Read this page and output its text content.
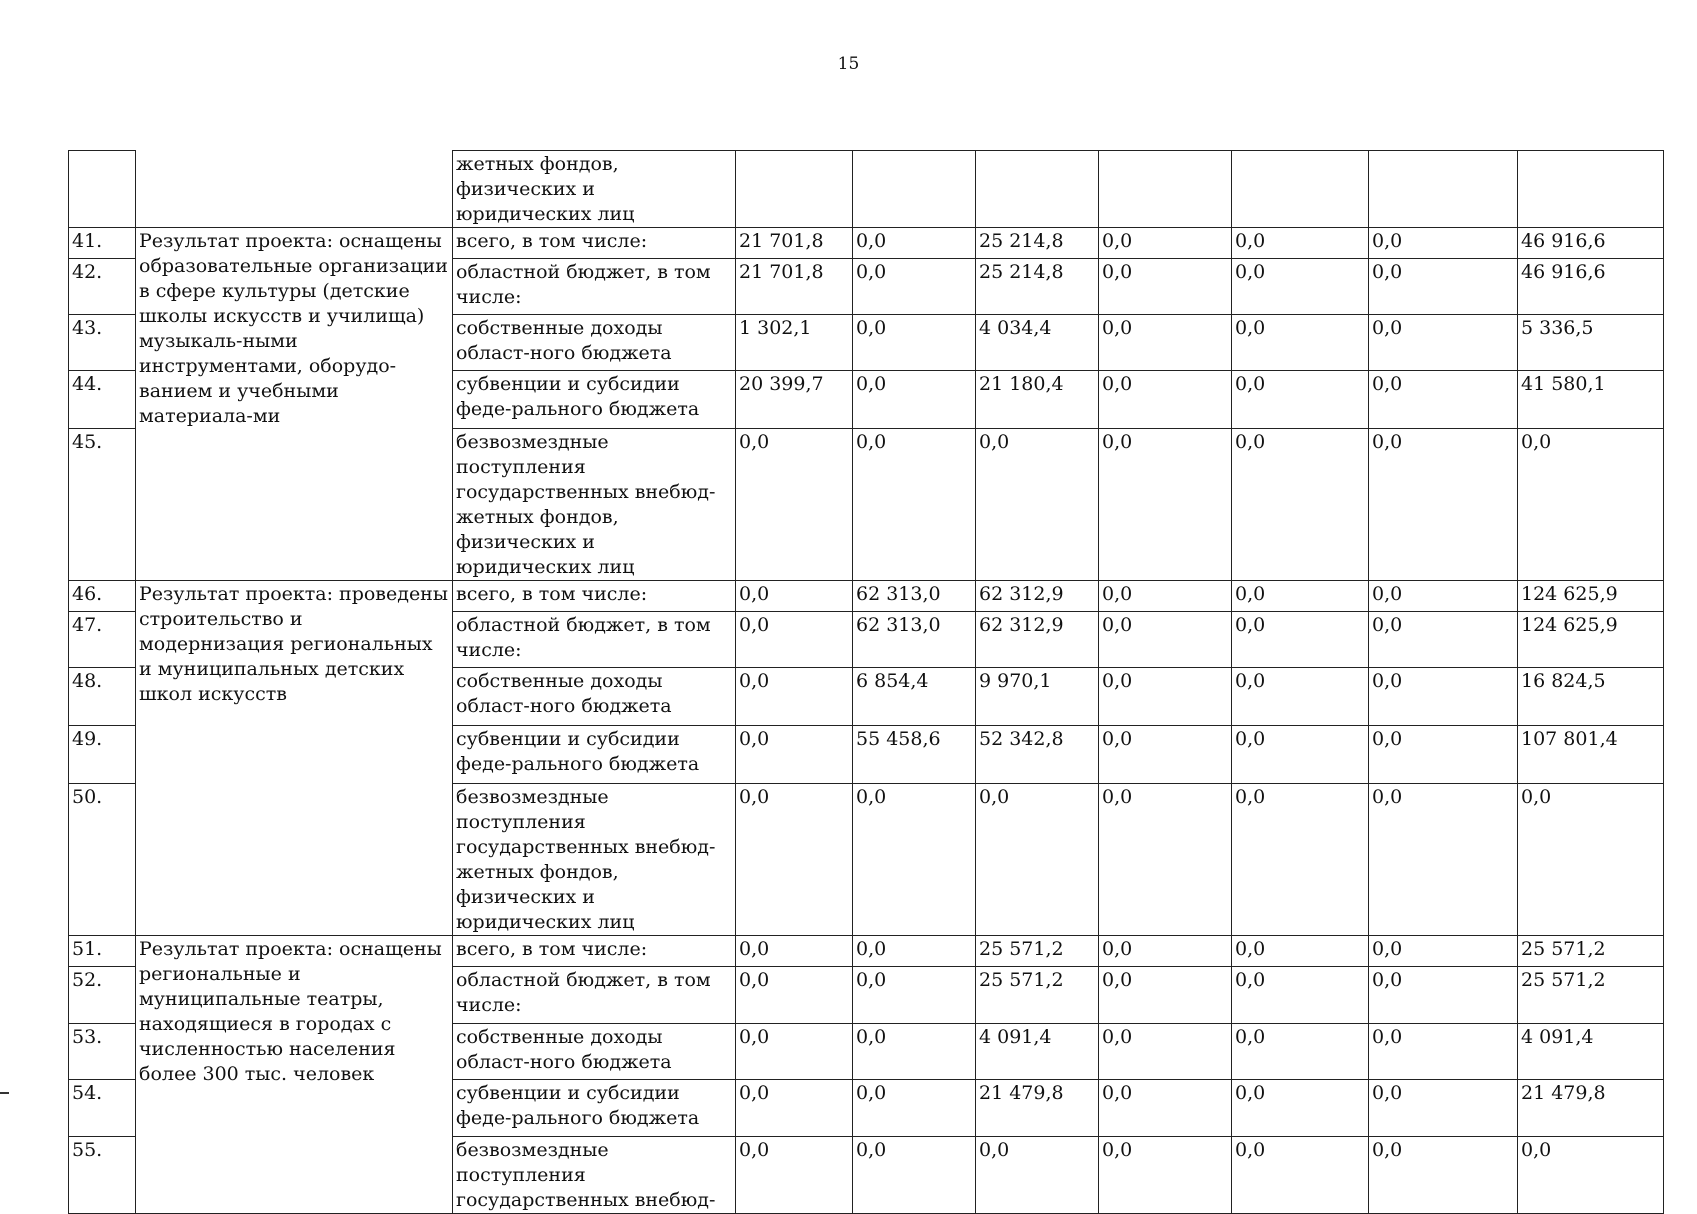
15
		жетных фондов, физических и юридических лиц							
41.	Результат проекта: оснащены образовательные организации в сфере культуры (детские школы искусств и училища) музыкаль-ными инструментами, оборудо-ванием и учебными материала-ми	всего, в том числе:	21 701,8	0,0	25 214,8	0,0	0,0	0,0	46 916,6
42.		областной бюджет, в том числе:	21 701,8	0,0	25 214,8	0,0	0,0	0,0	46 916,6
43.		собственные доходы област-ного бюджета	1 302,1	0,0	4 034,4	0,0	0,0	0,0	5 336,5
44.		субвенции и субсидии феде-рального бюджета	20 399,7	0,0	21 180,4	0,0	0,0	0,0	41 580,1
45.		безвозмездные поступления государственных внебюд-жетных фондов, физических и юридических лиц	0,0	0,0	0,0	0,0	0,0	0,0	0,0
46.	Результат проекта: проведены строительство и модернизация региональных и муниципальных детских школ искусств	всего, в том числе:	0,0	62 313,0	62 312,9	0,0	0,0	0,0	124 625,9
47.		областной бюджет, в том числе:	0,0	62 313,0	62 312,9	0,0	0,0	0,0	124 625,9
48.		собственные доходы област-ного бюджета	0,0	6 854,4	9 970,1	0,0	0,0	0,0	16 824,5
49.		субвенции и субсидии феде-рального бюджета	0,0	55 458,6	52 342,8	0,0	0,0	0,0	107 801,4
50.		безвозмездные поступления государственных внебюд-жетных фондов, физических и юридических лиц	0,0	0,0	0,0	0,0	0,0	0,0	0,0
51.	Результат проекта: оснащены региональные и муниципальные театры, находящиеся в городах с численностью населения более 300 тыс. человек	всего, в том числе:	0,0	0,0	25 571,2	0,0	0,0	0,0	25 571,2
52.		областной бюджет, в том числе:	0,0	0,0	25 571,2	0,0	0,0	0,0	25 571,2
53.		собственные доходы област-ного бюджета	0,0	0,0	4 091,4	0,0	0,0	0,0	4 091,4
54.		субвенции и субсидии феде-рального бюджета	0,0	0,0	21 479,8	0,0	0,0	0,0	21 479,8
55.		безвозмездные поступления государственных внебюд-	0,0	0,0	0,0	0,0	0,0	0,0	0,0
